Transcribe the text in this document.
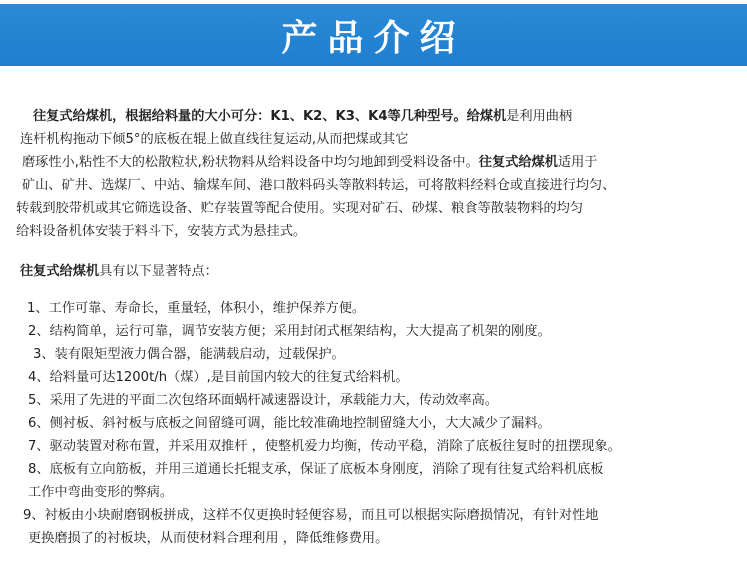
产品介绍
往复式给煤机，根据给料量的大小可分：K1、K2、K3、K4等几种型号。给煤机是利用曲柄
连杆机构拖动下倾5°的底板在辊上做直线往复运动,从而把煤或其它
磨琢性小,粘性不大的松散粒状,粉状物料从给料设备中均匀地卸到受料设备中。往复式给煤机适用于
矿山、矿井、选煤厂、中站、输煤车间、港口散料码头等散料转运，可将散料经料仓或直接进行均匀、
转载到胶带机或其它筛选设备、贮存装置等配合使用。实现对矿石、砂煤、粮食等散装物料的均匀
给料设备机体安装于料斗下，安装方式为悬挂式。
往复式给煤机具有以下显著特点：
1、工作可靠、寿命长，重量轻，体积小，维护保养方便。
2、结构简单，运行可靠，调节安装方便；采用封闭式框架结构，大大提高了机架的刚度。
3、装有限矩型液力偶合器，能满载启动，过载保护。
4、给料量可达1200t/h（煤）,是目前国内较大的往复式给料机。
5、采用了先进的平面二次包络环面蜗杆减速器设计，承载能力大，传动效率高。
6、侧衬板、斜衬板与底板之间留缝可调，能比较准确地控制留缝大小，大大减少了漏料。
7、驱动装置对称布置，并采用双推杆 ，使整机爱力均衡，传动平稳，消除了底板往复时的扭摆现象。
8、底板有立向筋板，并用三道通长托辊支承，保证了底板本身刚度，消除了现有往复式给料机底板
工作中弯曲变形的弊病。
9、衬板由小块耐磨钢板拼成，这样不仅更换时轻便容易，而且可以根据实际磨损情况，有针对性地
更换磨损了的衬板块，从而使材料合理利用 ，降低维修费用。
